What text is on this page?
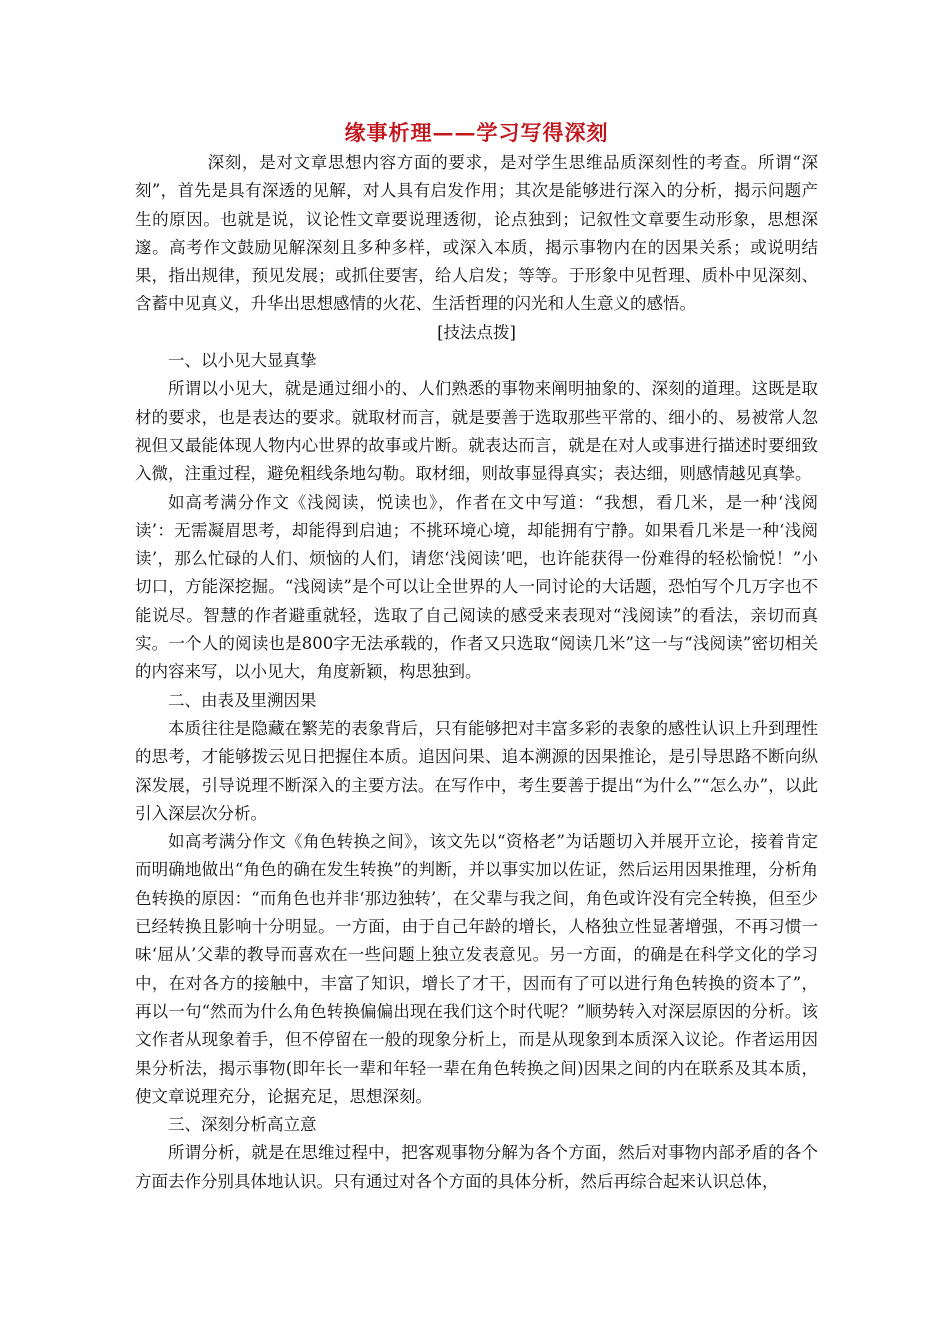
缘事析理——学习写得深刻

深刻，是对文章思想内容方面的要求，是对学生思维品质深刻性的考查。所谓“深刻”，首先是具有深透的见解，对人具有启发作用；其次是能够进行深入的分析，揭示问题产生的原因。也就是说，议论性文章要说理透彻，论点独到；记叙性文章要生动形象，思想深邃。高考作文鼓励见解深刻且多种多样，或深入本质，揭示事物内在的因果关系；或说明结果，指出规律，预见发展；或抓住要害，给人启发；等等。于形象中见哲理、质朴中见深刻、含蓄中见真义，升华出思想感情的火花、生活哲理的闪光和人生意义的感悟。

[技法点拨]

一、以小见大显真挚

所谓以小见大，就是通过细小的、人们熟悉的事物来阐明抽象的、深刻的道理。这既是取材的要求，也是表达的要求。就取材而言，就是要善于选取那些平常的、细小的、易被常人忽视但又最能体现人物内心世界的故事或片断。就表达而言，就是在对人或事进行描述时要细致入微，注重过程，避免粗线条地勾勒。取材细，则故事显得真实；表达细，则感情越见真挚。

如高考满分作文《浅阅读，悦读也》，作者在文中写道：“我想，看几米，是一种‘浅阅读’：无需凝眉思考，却能得到启迪；不挑环境心境，却能拥有宁静。如果看几米是一种‘浅阅读’，那么忙碌的人们、烦恼的人们，请您‘浅阅读’吧，也许能获得一份难得的轻松愉悦！”小切口，方能深挖掘。“浅阅读”是个可以让全世界的人一同讨论的大话题，恐怕写个几万字也不能说尽。智慧的作者避重就轻，选取了自己阅读的感受来表现对“浅阅读”的看法，亲切而真实。一个人的阅读也是800字无法承载的，作者又只选取“阅读几米”这一与“浅阅读”密切相关的内容来写，以小见大，角度新颖，构思独到。

二、由表及里溯因果

本质往往是隐藏在繁芜的表象背后，只有能够把对丰富多彩的表象的感性认识上升到理性的思考，才能够拨云见日把握住本质。追因问果、追本溯源的因果推论，是引导思路不断向纵深发展，引导说理不断深入的主要方法。在写作中，考生要善于提出“为什么”“怎么办”，以此引入深层次分析。

如高考满分作文《角色转换之间》，该文先以“资格老”为话题切入并展开立论，接着肯定而明确地做出“角色的确在发生转换”的判断，并以事实加以佐证，然后运用因果推理，分析角色转换的原因：“而角色也并非‘那边独转’，在父辈与我之间，角色或许没有完全转换，但至少已经转换且影响十分明显。一方面，由于自己年龄的增长，人格独立性显著增强，不再习惯一味‘屈从’父辈的教导而喜欢在一些问题上独立发表意见。另一方面，的确是在科学文化的学习中，在对各方的接触中，丰富了知识，增长了才干，因而有了可以进行角色转换的资本了”，再以一句“然而为什么角色转换偏偏出现在我们这个时代呢？”顺势转入对深层原因的分析。该文作者从现象着手，但不停留在一般的现象分析上，而是从现象到本质深入议论。作者运用因果分析法，揭示事物(即年长一辈和年轻一辈在角色转换之间)因果之间的内在联系及其本质，使文章说理充分，论据充足，思想深刻。

三、深刻分析高立意

所谓分析，就是在思维过程中，把客观事物分解为各个方面，然后对事物内部矛盾的各个方面去作分别具体地认识。只有通过对各个方面的具体分析，然后再综合起来认识总体，
